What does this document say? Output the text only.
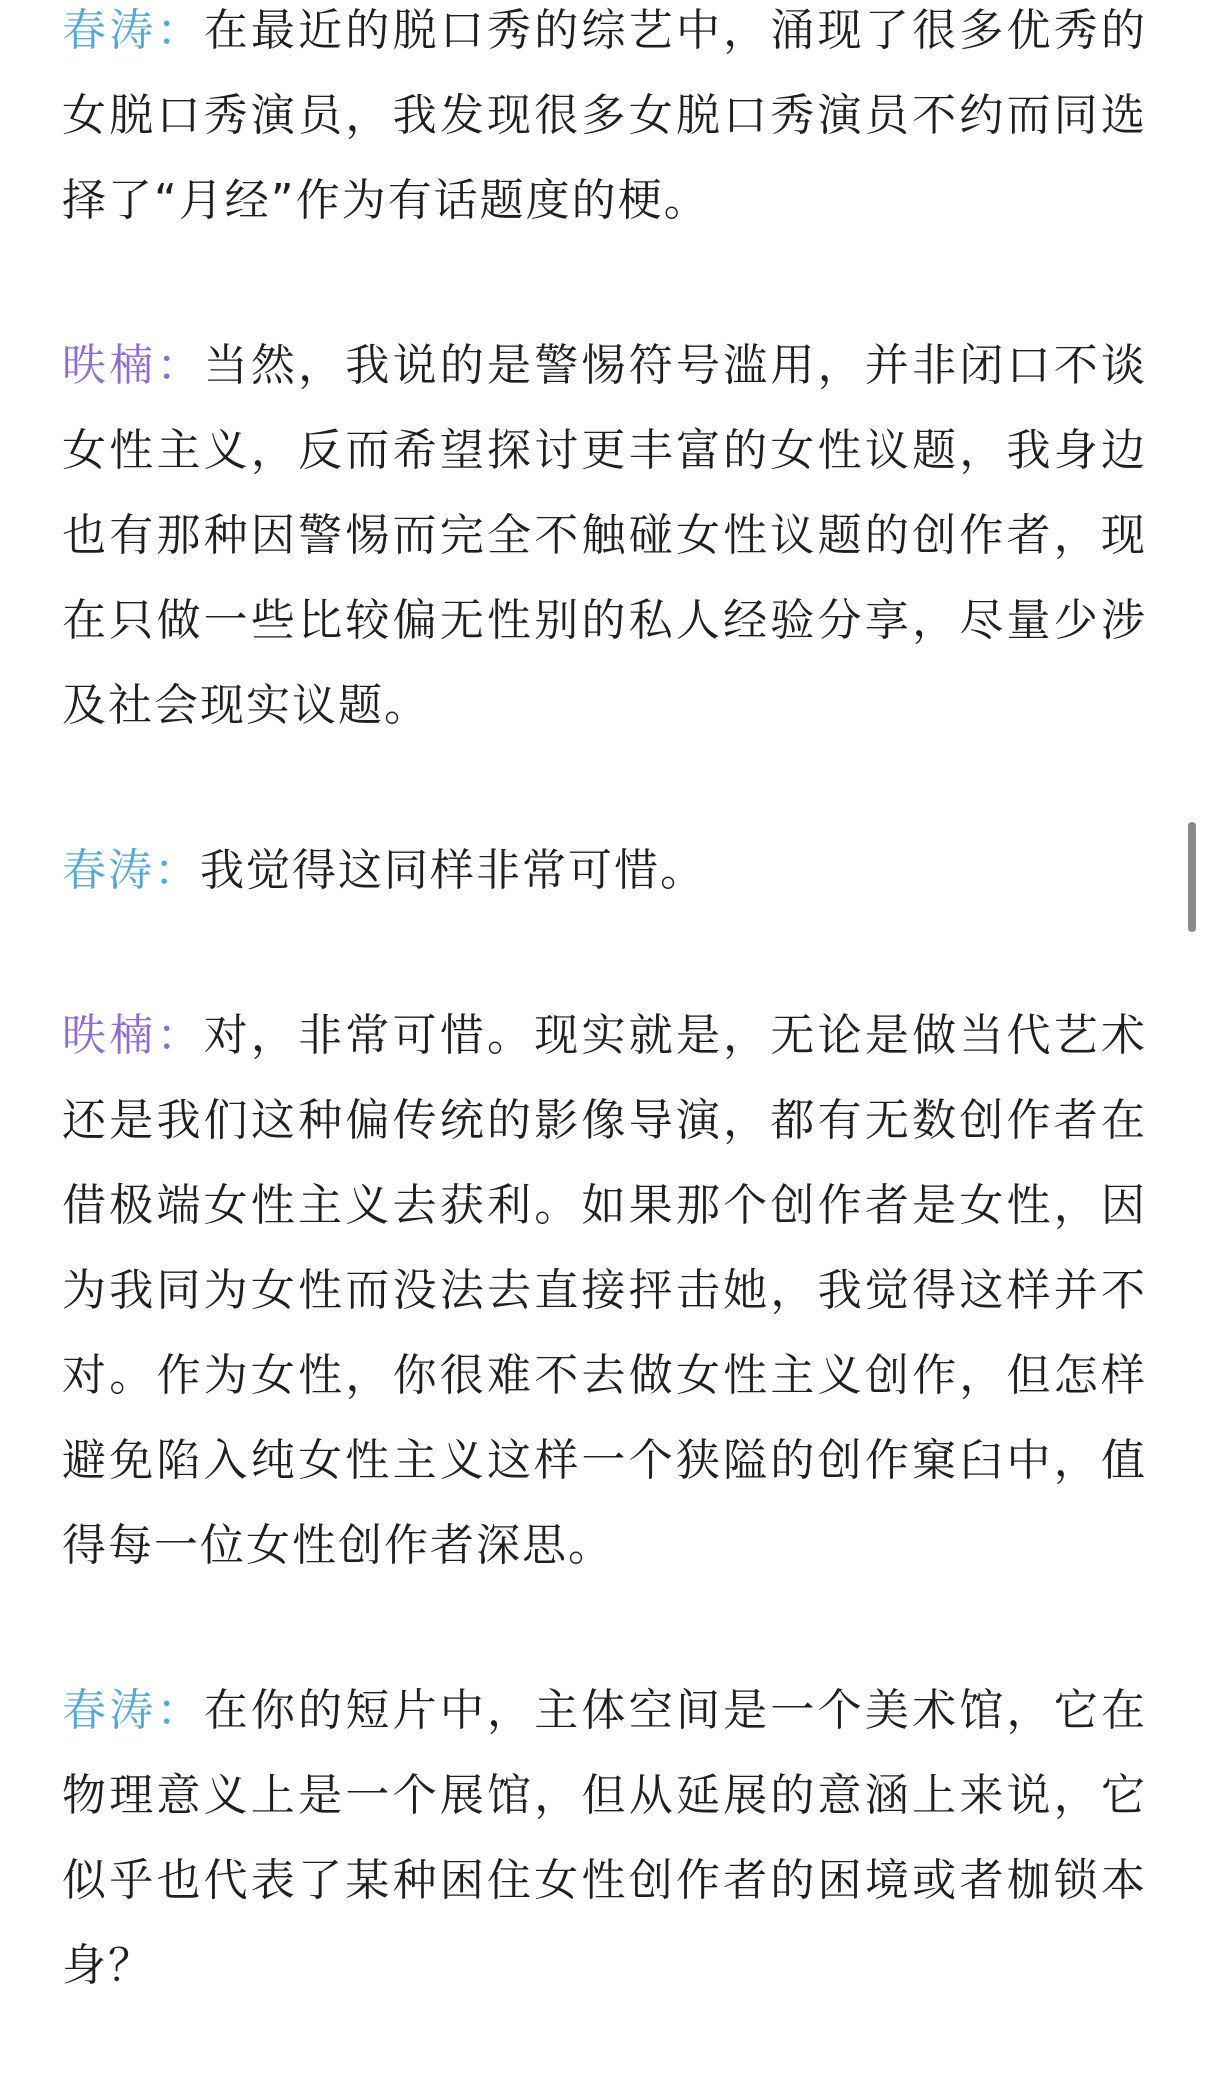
春涛：在最近的脱口秀的综艺中，涌现了很多优秀的女脱口秀演员，我发现很多女脱口秀演员不约而同选择了“月经”作为有话题度的梗。

昳楠：当然，我说的是警惕符号滥用，并非闭口不谈女性主义，反而希望探讨更丰富的女性议题，我身边也有那种因警惕而完全不触碰女性议题的创作者，现在只做一些比较偏无性别的私人经验分享，尽量少涉及社会现实议题。

春涛：我觉得这同样非常可惜。

昳楠：对，非常可惜。现实就是，无论是做当代艺术还是我们这种偏传统的影像导演，都有无数创作者在借极端女性主义去获利。如果那个创作者是女性，因为我同为女性而没法去直接抨击她，我觉得这样并不对。作为女性，你很难不去做女性主义创作，但怎样避免陷入纯女性主义这样一个狭隘的创作窠臼中，值得每一位女性创作者深思。

春涛：在你的短片中，主体空间是一个美术馆，它在物理意义上是一个展馆，但从延展的意涵上来说，它似乎也代表了某种困住女性创作者的困境或者枷锁本身？
